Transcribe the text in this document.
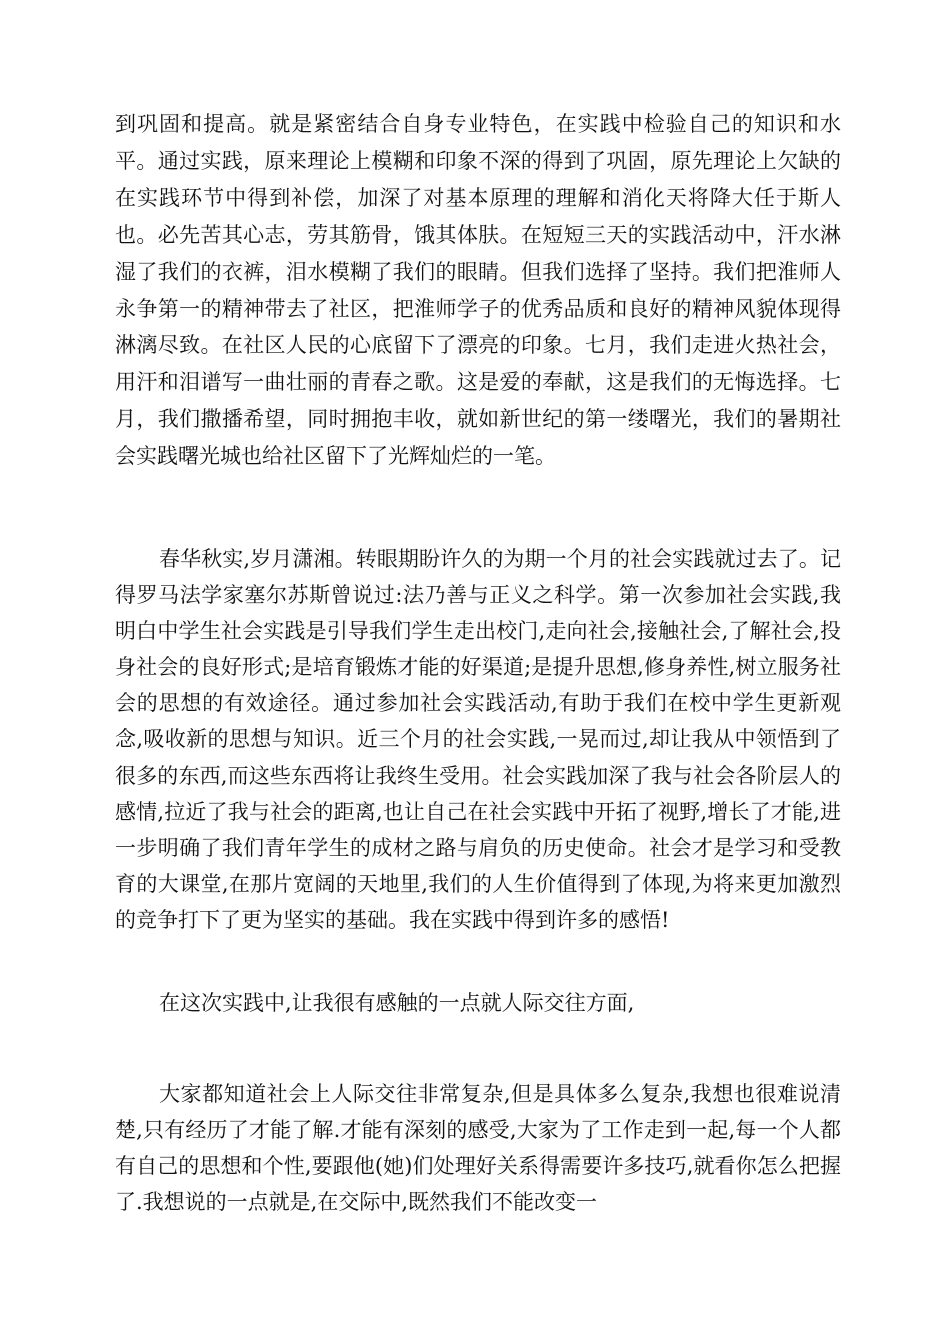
到巩固和提高。就是紧密结合自身专业特色，在实践中检验自己的知识和水平。通过实践，原来理论上模糊和印象不深的得到了巩固，原先理论上欠缺的在实践环节中得到补偿，加深了对基本原理的理解和消化天将降大任于斯人也。必先苦其心志，劳其筋骨，饿其体肤。在短短三天的实践活动中，汗水淋湿了我们的衣裤，泪水模糊了我们的眼睛。但我们选择了坚持。我们把淮师人永争第一的精神带去了社区，把淮师学子的优秀品质和良好的精神风貌体现得淋漓尽致。在社区人民的心底留下了漂亮的印象。七月，我们走进火热社会，用汗和泪谱写一曲壮丽的青春之歌。这是爱的奉献，这是我们的无悔选择。七月，我们撒播希望，同时拥抱丰收，就如新世纪的第一缕曙光，我们的暑期社会实践曙光城也给社区留下了光辉灿烂的一笔。

春华秋实,岁月潇湘。转眼期盼许久的为期一个月的社会实践就过去了。记得罗马法学家塞尔苏斯曾说过:法乃善与正义之科学。第一次参加社会实践,我明白中学生社会实践是引导我们学生走出校门,走向社会,接触社会,了解社会,投身社会的良好形式;是培育锻炼才能的好渠道;是提升思想,修身养性,树立服务社会的思想的有效途径。通过参加社会实践活动,有助于我们在校中学生更新观念,吸收新的思想与知识。近三个月的社会实践,一晃而过,却让我从中领悟到了很多的东西,而这些东西将让我终生受用。社会实践加深了我与社会各阶层人的感情,拉近了我与社会的距离,也让自己在社会实践中开拓了视野,增长了才能,进一步明确了我们青年学生的成材之路与肩负的历史使命。社会才是学习和受教育的大课堂,在那片宽阔的天地里,我们的人生价值得到了体现,为将来更加激烈的竞争打下了更为坚实的基础。我在实践中得到许多的感悟!

在这次实践中,让我很有感触的一点就人际交往方面,

大家都知道社会上人际交往非常复杂,但是具体多么复杂,我想也很难说清楚,只有经历了才能了解.才能有深刻的感受,大家为了工作走到一起,每一个人都有自己的思想和个性,要跟他(她)们处理好关系得需要许多技巧,就看你怎么把握了.我想说的一点就是,在交际中,既然我们不能改变一
